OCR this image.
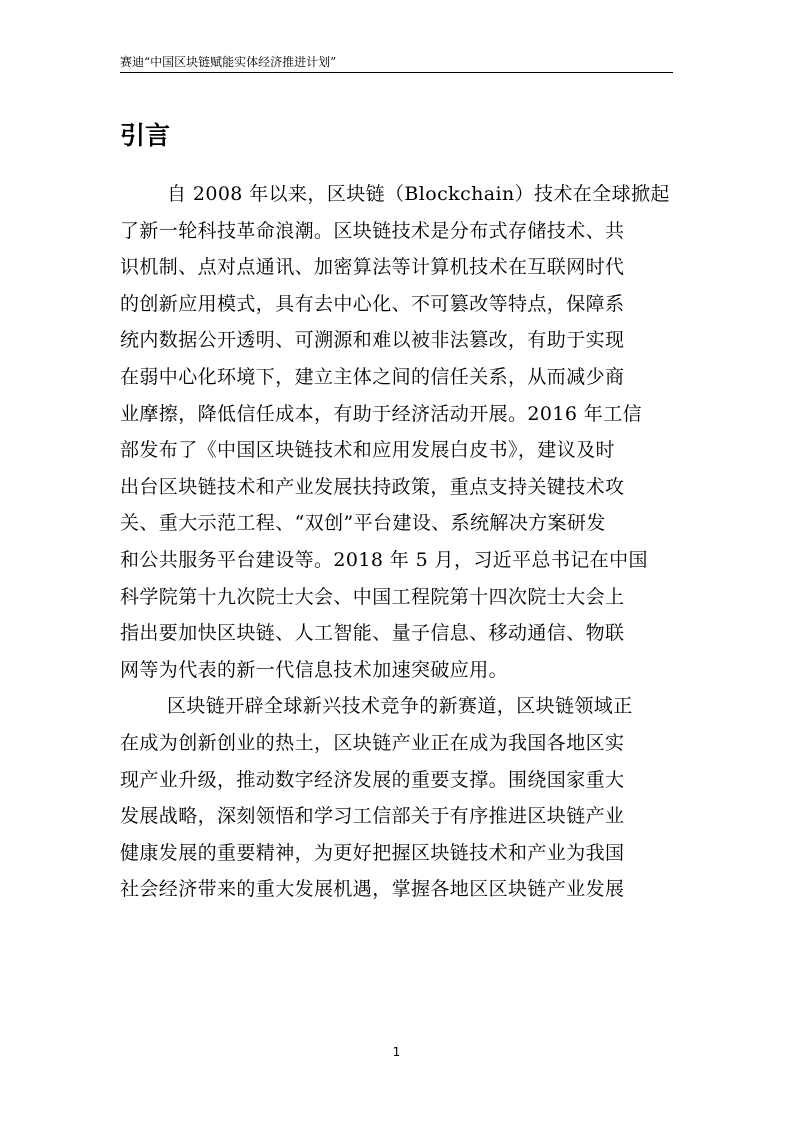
赛迪“中国区块链赋能实体经济推进计划”
引言
自 2008 年以来，区块链（Blockchain）技术在全球掀起
了新一轮科技革命浪潮。区块链技术是分布式存储技术、共
识机制、点对点通讯、加密算法等计算机技术在互联网时代
的创新应用模式，具有去中心化、不可篡改等特点，保障系
统内数据公开透明、可溯源和难以被非法篡改，有助于实现
在弱中心化环境下，建立主体之间的信任关系，从而减少商
业摩擦，降低信任成本，有助于经济活动开展。2016 年工信
部发布了《中国区块链技术和应用发展白皮书》，建议及时
出台区块链技术和产业发展扶持政策，重点支持关键技术攻
关、重大示范工程、“双创”平台建设、系统解决方案研发
和公共服务平台建设等。2018 年 5 月，习近平总书记在中国
科学院第十九次院士大会、中国工程院第十四次院士大会上
指出要加快区块链、人工智能、量子信息、移动通信、物联
网等为代表的新一代信息技术加速突破应用。
区块链开辟全球新兴技术竞争的新赛道，区块链领域正
在成为创新创业的热土，区块链产业正在成为我国各地区实
现产业升级，推动数字经济发展的重要支撑。围绕国家重大
发展战略，深刻领悟和学习工信部关于有序推进区块链产业
健康发展的重要精神，为更好把握区块链技术和产业为我国
社会经济带来的重大发展机遇，掌握各地区区块链产业发展
1
